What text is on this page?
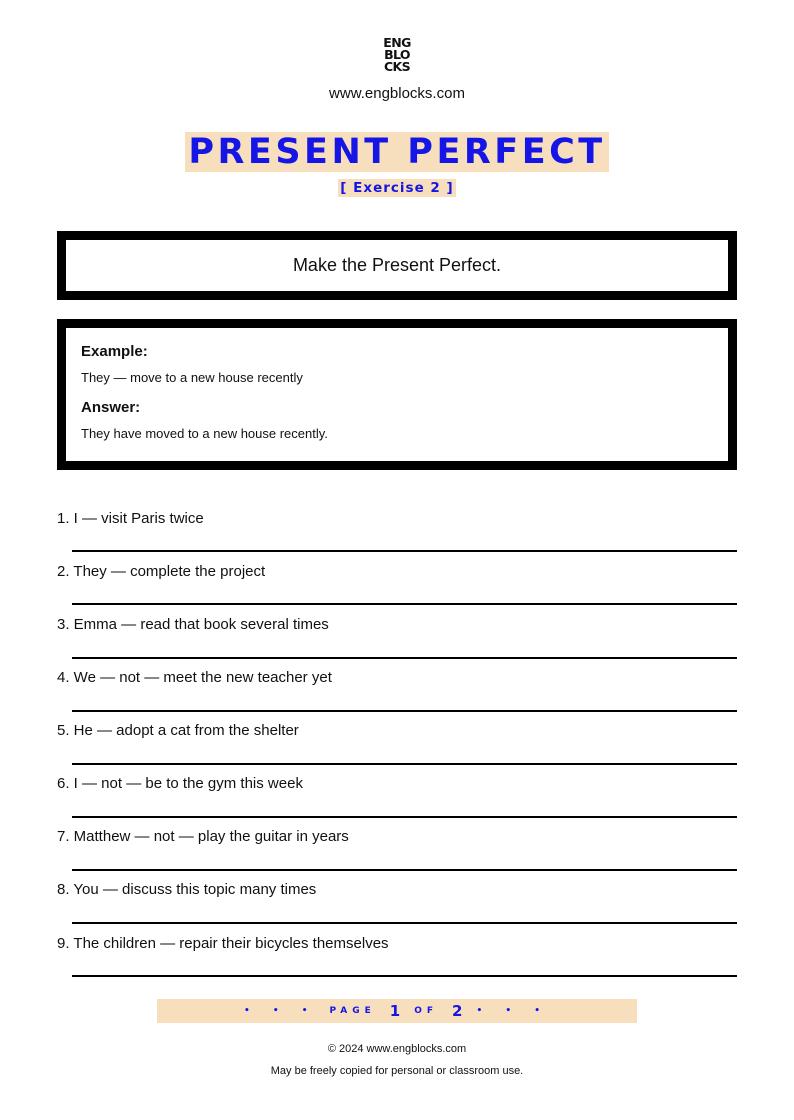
ENG
BLO
CKS
www.engblocks.com
PRESENT PERFECT
[ Exercise 2 ]
Make the Present Perfect.

Example:

They — move to a new house recently

Answer:

They have moved to a new house recently.

1. I — visit Paris twice
2. They — complete the project
3. Emma — read that book several times
4. We — not — meet the new teacher yet
5. He — adopt a cat from the shelter
6. I — not — be to the gym this week
7. Matthew — not — play the guitar in years
8. You — discuss this topic many times
9. The children — repair their bicycles themselves
• • • PAGE 1 OF 2 • • •
© 2024 www.engblocks.com
May be freely copied for personal or classroom use.
